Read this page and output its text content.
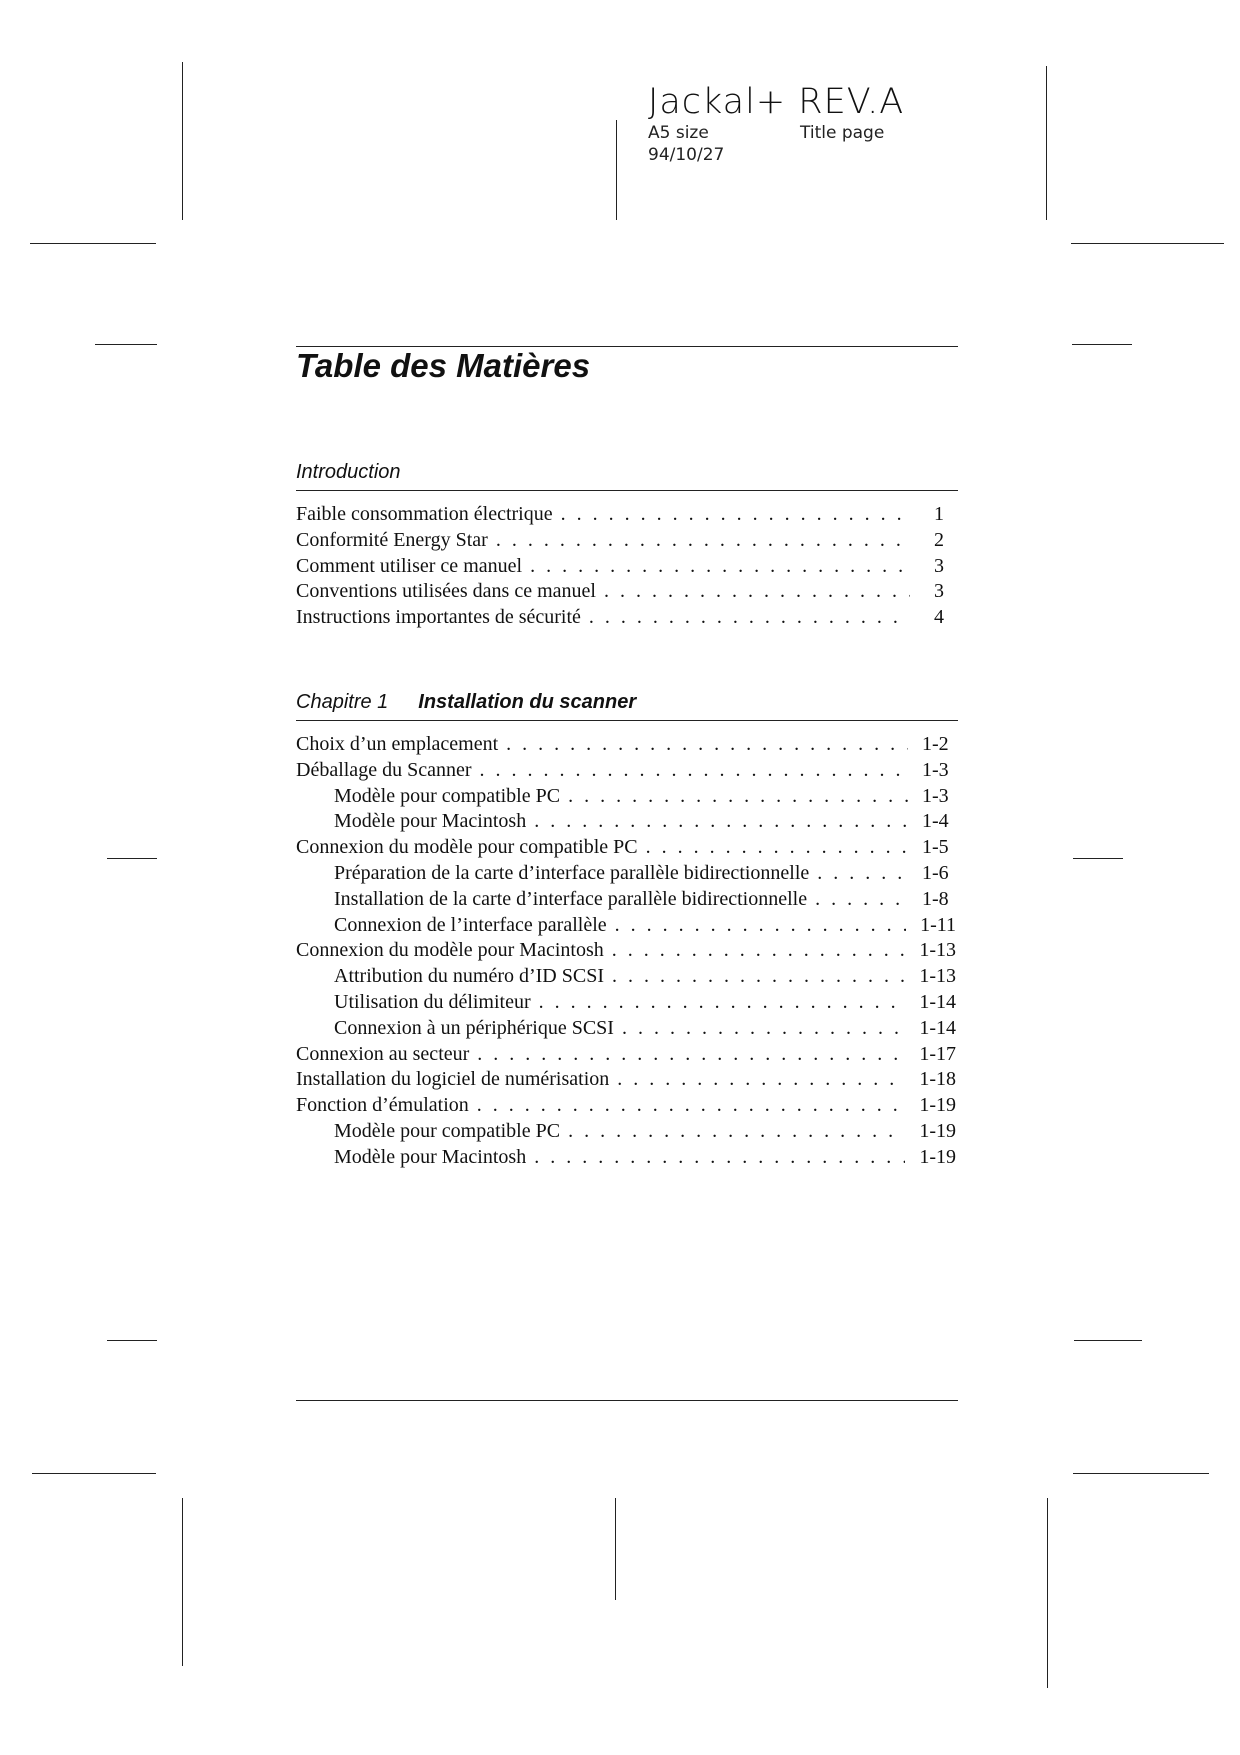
Jackal+ REV.A
A5 size	Title page
94/10/27
Table des Matières
Introduction
Faible consommation électrique . . .	1
Conformité Energy Star . . .	2
Comment utiliser ce manuel . . .	3
Conventions utilisées dans ce manuel . . .	3
Instructions importantes de sécurité . . .	4
Chapitre 1 Installation du scanner
Choix d’un emplacement . . .	1-2
Déballage du Scanner . . .	1-3
Modèle pour compatible PC . . .	1-3
Modèle pour Macintosh . . .	1-4
Connexion du modèle pour compatible PC . . .	1-5
Préparation de la carte d’interface parallèle bidirectionnelle . . .	1-6
Installation de la carte d’interface parallèle bidirectionnelle . . .	1-8
Connexion de l’interface parallèle . . .	1-11
Connexion du modèle pour Macintosh . . .	1-13
Attribution du numéro d’ID SCSI . . .	1-13
Utilisation du délimiteur . . .	1-14
Connexion à un périphérique SCSI . . .	1-14
Connexion au secteur . . .	1-17
Installation du logiciel de numérisation . . .	1-18
Fonction d’émulation . . .	1-19
Modèle pour compatible PC . . .	1-19
Modèle pour Macintosh . . .	1-19
